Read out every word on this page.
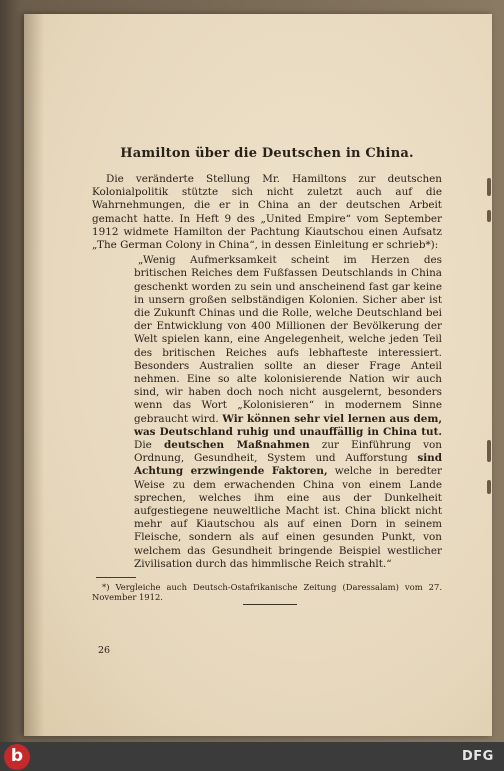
Hamilton über die Deutschen in China.

Die veränderte Stellung Mr. Hamiltons zur deutschen Kolonialpolitik stützte sich nicht zuletzt auch auf die Wahrnehmungen, die er in China an der deutschen Arbeit gemacht hatte. In Heft 9 des „United Empire“ vom September 1912 widmete Hamilton der Pachtung Kiautschou einen Aufsatz „The German Colony in China“, in dessen Einleitung er schrieb*):

„Wenig Aufmerksamkeit scheint im Herzen des britischen Reiches dem Fußfassen Deutschlands in China geschenkt worden zu sein und anscheinend fast gar keine in unsern großen selbständigen Kolonien. Sicher aber ist die Zukunft Chinas und die Rolle, welche Deutschland bei der Entwicklung von 400 Millionen der Bevölkerung der Welt spielen kann, eine Angelegenheit, welche jeden Teil des britischen Reiches aufs lebhafteste interessiert. Besonders Australien sollte an dieser Frage Anteil nehmen. Eine so alte kolonisierende Nation wir auch sind, wir haben doch noch nicht ausgelernt, besonders wenn das Wort „Kolonisieren“ in modernem Sinne gebraucht wird. Wir können sehr viel lernen aus dem, was Deutschland ruhig und unauffällig in China tut. Die deutschen Maßnahmen zur Einführung von Ordnung, Gesundheit, System und Aufforstung sind Achtung erzwingende Faktoren, welche in beredter Weise zu dem erwachenden China von einem Lande sprechen, welches ihm eine aus der Dunkelheit aufgestiegene neuweltliche Macht ist. China blickt nicht mehr auf Kiautschou als auf einen Dorn in seinem Fleische, sondern als auf einen gesunden Punkt, von welchem das Gesundheit bringende Beispiel westlicher Zivilisation durch das himmlische Reich strahlt.“

*) Vergleiche auch Deutsch-Ostafrikanische Zeitung (Daressalam) vom 27. November 1912.

26
b	DFG
